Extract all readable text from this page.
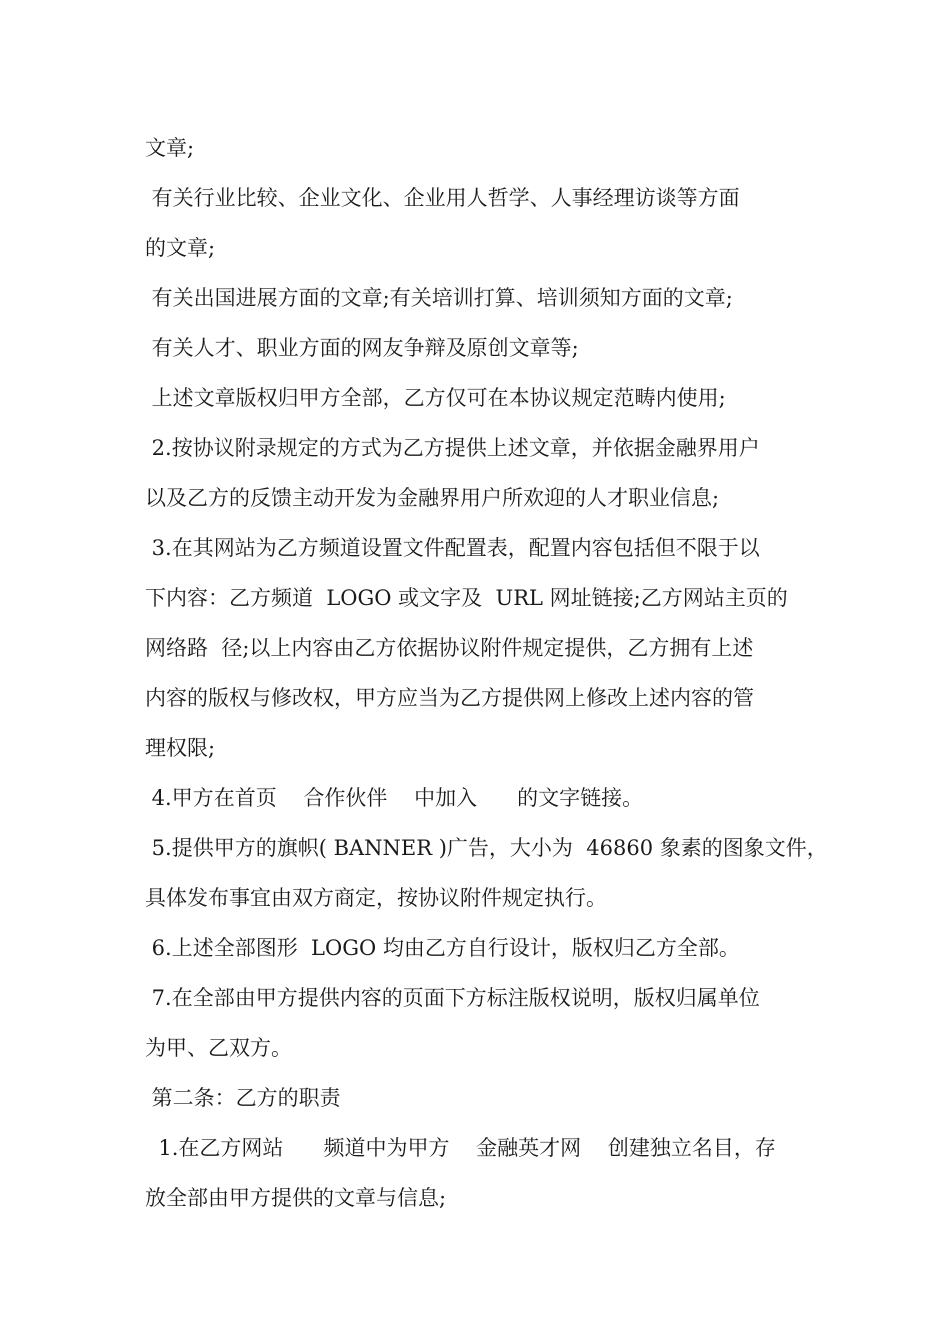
文章;
有关行业比较、企业文化、企业用人哲学、人事经理访谈等方面
的文章;
有关出国进展方面的文章;有关培训打算、培训须知方面的文章;
有关人才、职业方面的网友争辩及原创文章等;
上述文章版权归甲方全部，乙方仅可在本协议规定范畴内使用;
2.按协议附录规定的方式为乙方提供上述文章，并依据金融界用户
以及乙方的反馈主动开发为金融界用户所欢迎的人才职业信息;
3.在其网站为乙方频道设置文件配置表，配置内容包括但不限于以
下内容：乙方频道  LOGO 或文字及  URL 网址链接;乙方网站主页的
网络路  径;以上内容由乙方依据协议附件规定提供，乙方拥有上述
内容的版权与修改权，甲方应当为乙方提供网上修改上述内容的管
理权限;
4.甲方在首页    合作伙伴    中加入      的文字链接。
5.提供甲方的旗帜( BANNER )广告，大小为  46860 象素的图象文件，
具体发布事宜由双方商定，按协议附件规定执行。
6.上述全部图形  LOGO 均由乙方自行设计，版权归乙方全部。
7.在全部由甲方提供内容的页面下方标注版权说明，版权归属单位
为甲、乙双方。
第二条：乙方的职责
1.在乙方网站      频道中为甲方    金融英才网    创建独立名目，存
放全部由甲方提供的文章与信息;
